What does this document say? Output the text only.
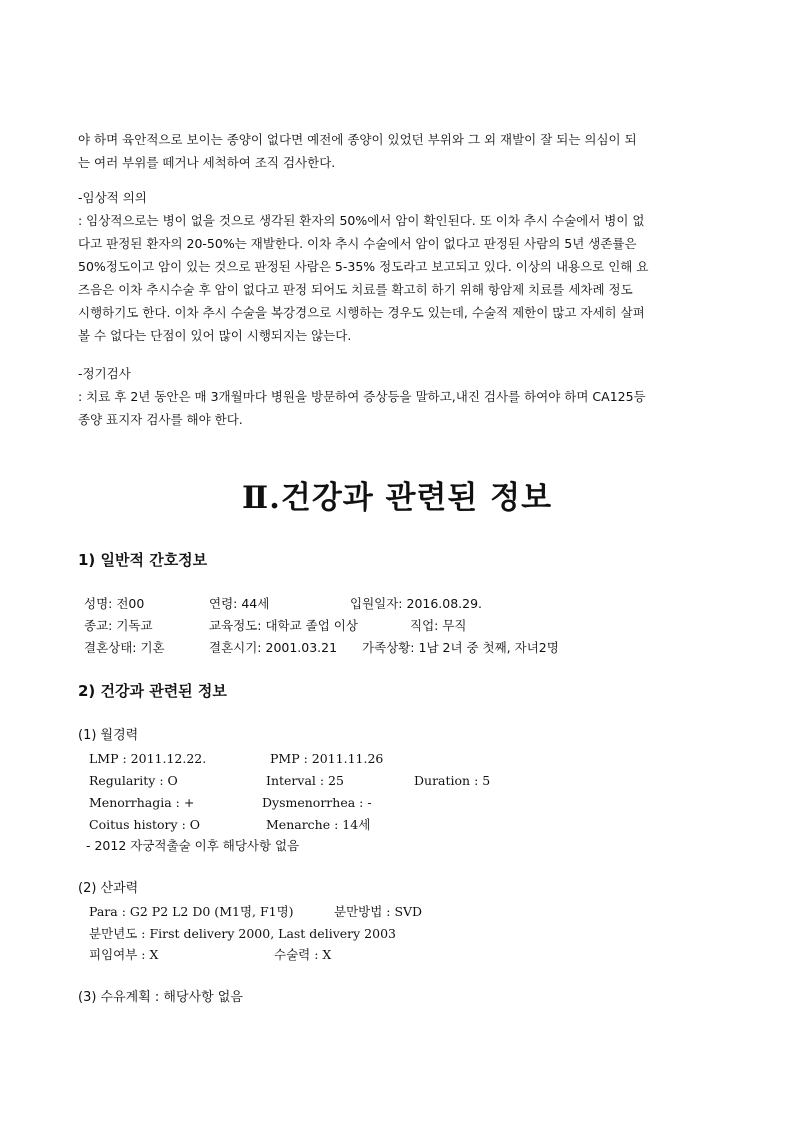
야 하며 육안적으로 보이는 종양이 없다면 예전에 종양이 있었던 부위와 그 외 재발이 잘 되는 의심이 되
는 여러 부위를 떼거나 세척하여 조직 검사한다.

-임상적 의의
: 임상적으로는 병이 없을 것으로 생각된 환자의 50%에서 암이 확인된다. 또 이차 추시 수술에서 병이 없
다고 판정된 환자의 20-50%는 재발한다. 이차 추시 수술에서 암이 없다고 판정된 사람의 5년 생존률은
50%정도이고 암이 있는 것으로 판정된 사람은 5-35% 정도라고 보고되고 있다. 이상의 내용으로 인해 요
즈음은 이차 추시수술 후 암이 없다고 판정 되어도 치료를 확고히 하기 위해 항암제 치료를 세차례 정도
시행하기도 한다. 이차 추시 수술을 복강경으로 시행하는 경우도 있는데, 수술적 제한이 많고 자세히 살펴
볼 수 없다는 단점이 있어 많이 시행되지는 않는다.

-정기검사
: 치료 후 2년 동안은 매 3개월마다 병원을 방문하여 증상등을 말하고,내진 검사를 하여야 하며 CA125등
종양 표지자 검사를 해야 한다.

Ⅱ.건강과 관련된 정보
1) 일반적 간호정보
성명: 전00	연령: 44세	입원일자: 2016.08.29.
종교: 기독교	교육정도: 대학교 졸업 이상	직업: 무직
결혼상태: 기혼	결혼시기: 2001.03.21 가족상황: 1남 2녀 중 첫째, 자녀2명
2) 건강과 관련된 정보
(1) 월경력
LMP : 2011.12.22.	PMP : 2011.11.26
Regularity : O	Interval : 25	Duration : 5
Menorrhagia : +	Dysmenorrhea : -
Coitus history : O	Menarche : 14세
- 2012 자궁적출술 이후 해당사항 없음
(2) 산과력
Para : G2 P2 L2 D0 (M1명, F1명)	분만방법 : SVD
분만년도 : First delivery 2000, Last delivery 2003
피임여부 : X	수술력 : X
(3) 수유계획 : 해당사항 없음
